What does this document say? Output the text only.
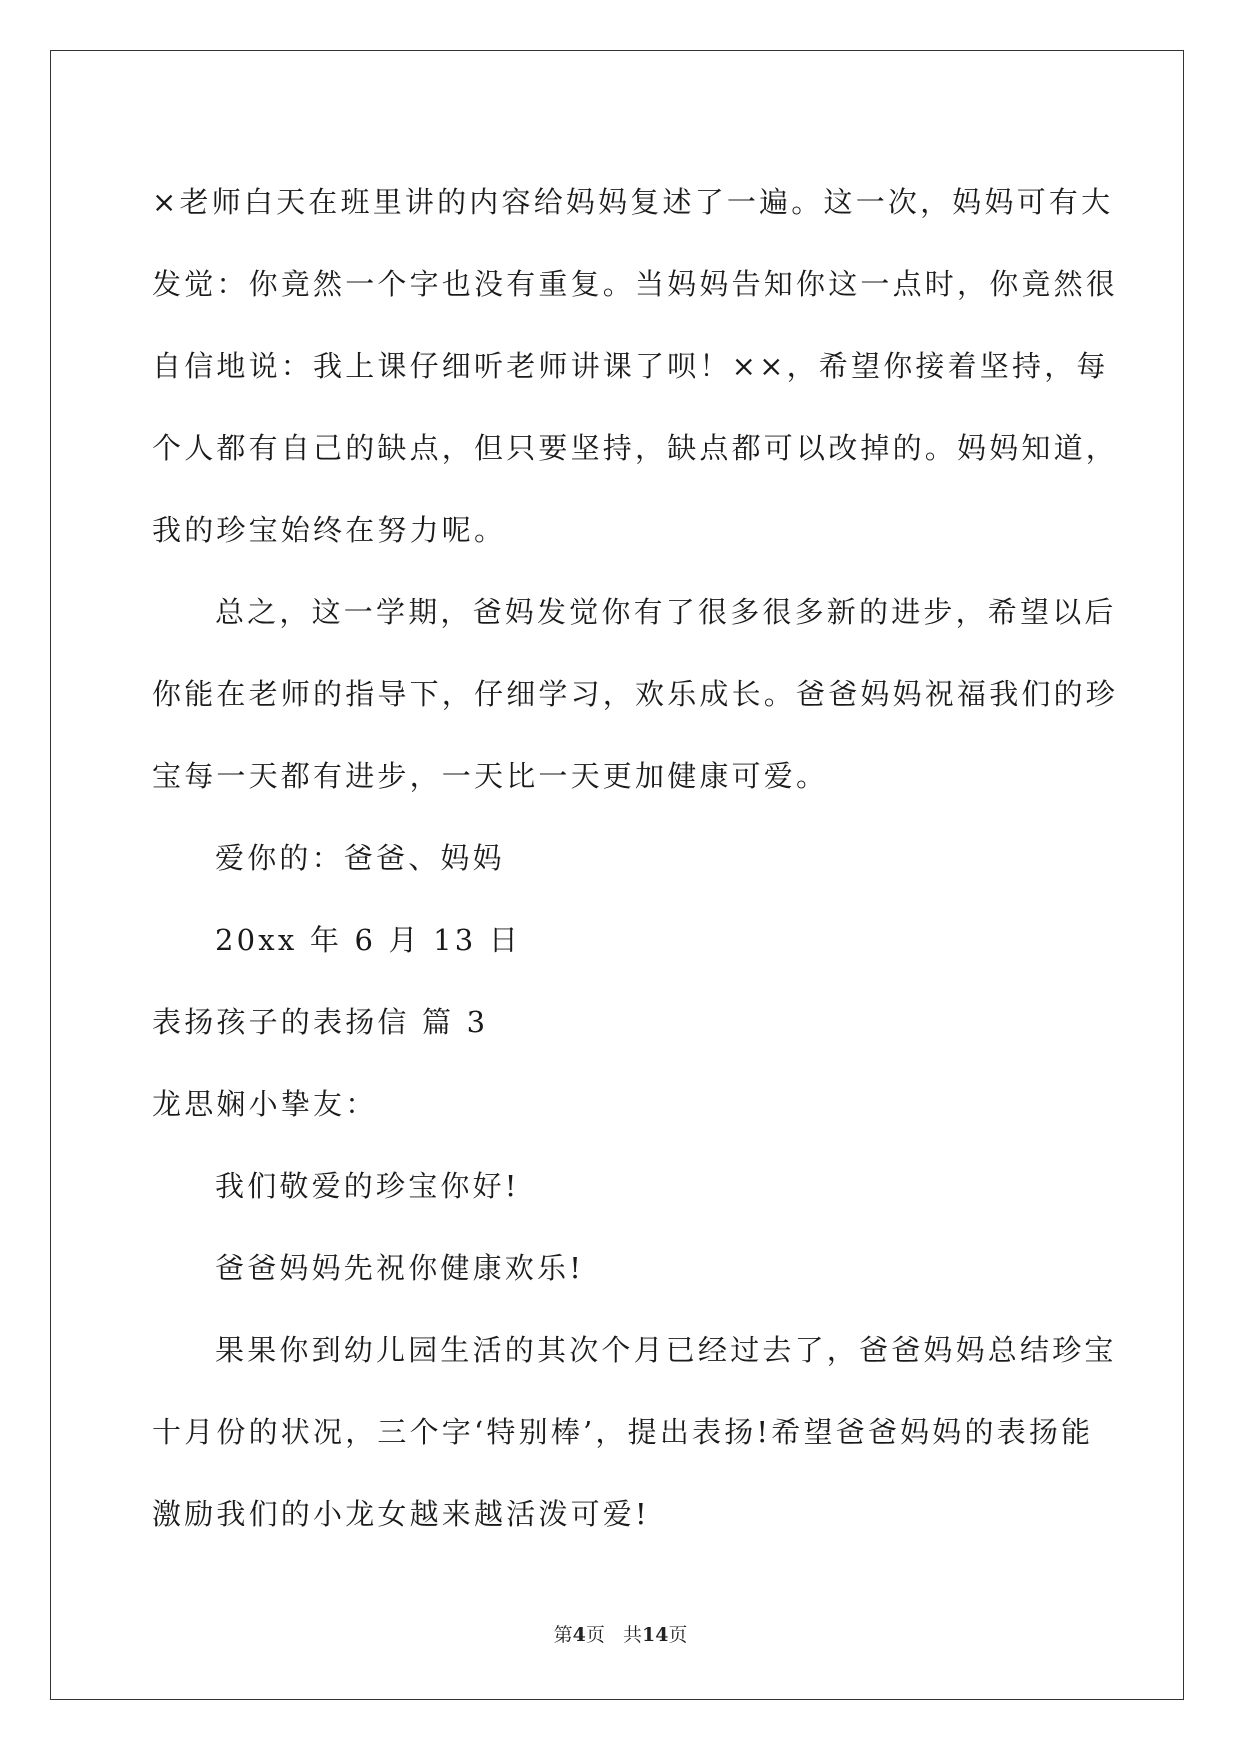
×老师白天在班里讲的内容给妈妈复述了一遍。这一次，妈妈可有大
发觉：你竟然一个字也没有重复。当妈妈告知你这一点时，你竟然很
自信地说：我上课仔细听老师讲课了呗！××，希望你接着坚持，每
个人都有自己的缺点，但只要坚持，缺点都可以改掉的。妈妈知道，
我的珍宝始终在努力呢。
总之，这一学期，爸妈发觉你有了很多很多新的进步，希望以后
你能在老师的指导下，仔细学习，欢乐成长。爸爸妈妈祝福我们的珍
宝每一天都有进步，一天比一天更加健康可爱。
爱你的：爸爸、妈妈
20xx 年 6 月 13 日
表扬孩子的表扬信 篇 3
龙思娴小挚友：
我们敬爱的珍宝你好!
爸爸妈妈先祝你健康欢乐!
果果你到幼儿园生活的其次个月已经过去了，爸爸妈妈总结珍宝
十月份的状况，三个字‘特别棒’，提出表扬!希望爸爸妈妈的表扬能
激励我们的小龙女越来越活泼可爱!
第4页 共14页
